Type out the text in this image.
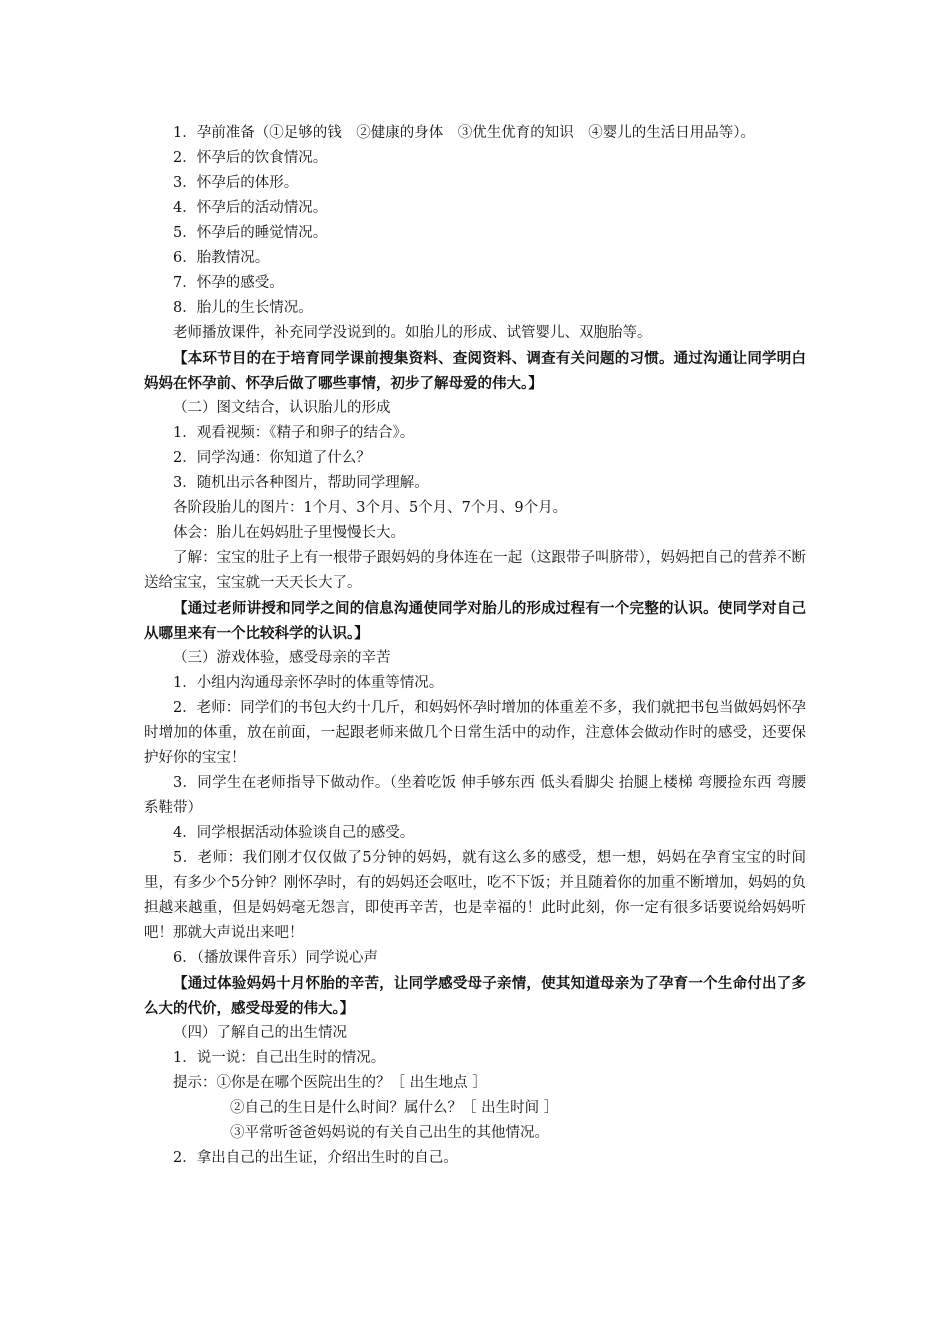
1．孕前准备（①足够的钱　②健康的身体　③优生优育的知识　④婴儿的生活日用品等）。

2．怀孕后的饮食情况。

3．怀孕后的体形。

4．怀孕后的活动情况。

5．怀孕后的睡觉情况。

6．胎教情况。

7．怀孕的感受。

8．胎儿的生长情况。

老师播放课件，补充同学没说到的。如胎儿的形成、试管婴儿、双胞胎等。

【本环节目的在于培育同学课前搜集资料、查阅资料、调查有关问题的习惯。通过沟通让同学明白妈妈在怀孕前、怀孕后做了哪些事情，初步了解母爱的伟大。】

（二）图文结合，认识胎儿的形成

1．观看视频：《精子和卵子的结合》。

2．同学沟通：你知道了什么？

3．随机出示各种图片，帮助同学理解。

各阶段胎儿的图片：1个月、3个月、5个月、7个月、9个月。

体会：胎儿在妈妈肚子里慢慢长大。

了解：宝宝的肚子上有一根带子跟妈妈的身体连在一起（这跟带子叫脐带），妈妈把自己的营养不断送给宝宝，宝宝就一天天长大了。

【通过老师讲授和同学之间的信息沟通使同学对胎儿的形成过程有一个完整的认识。使同学对自己从哪里来有一个比较科学的认识。】

（三）游戏体验，感受母亲的辛苦

1．小组内沟通母亲怀孕时的体重等情况。

2．老师：同学们的书包大约十几斤，和妈妈怀孕时增加的体重差不多，我们就把书包当做妈妈怀孕时增加的体重，放在前面，一起跟老师来做几个日常生活中的动作，注意体会做动作时的感受，还要保护好你的宝宝！

3．同学生在老师指导下做动作。（坐着吃饭 伸手够东西 低头看脚尖 抬腿上楼梯 弯腰捡东西 弯腰系鞋带）

4．同学根据活动体验谈自己的感受。

5．老师：我们刚才仅仅做了5分钟的妈妈，就有这么多的感受，想一想，妈妈在孕育宝宝的时间里，有多少个5分钟？刚怀孕时，有的妈妈还会呕吐，吃不下饭；并且随着你的加重不断增加，妈妈的负担越来越重，但是妈妈毫无怨言，即使再辛苦，也是幸福的！此时此刻，你一定有很多话要说给妈妈听吧！那就大声说出来吧！

6．（播放课件音乐）同学说心声

【通过体验妈妈十月怀胎的辛苦，让同学感受母子亲情，使其知道母亲为了孕育一个生命付出了多么大的代价，感受母爱的伟大。】

（四）了解自己的出生情况

1．说一说：自己出生时的情况。

提示：①你是在哪个医院出生的？［ 出生地点 ］

②自己的生日是什么时间？属什么？［ 出生时间 ］

③平常听爸爸妈妈说的有关自己出生的其他情况。

2．拿出自己的出生证，介绍出生时的自己。
